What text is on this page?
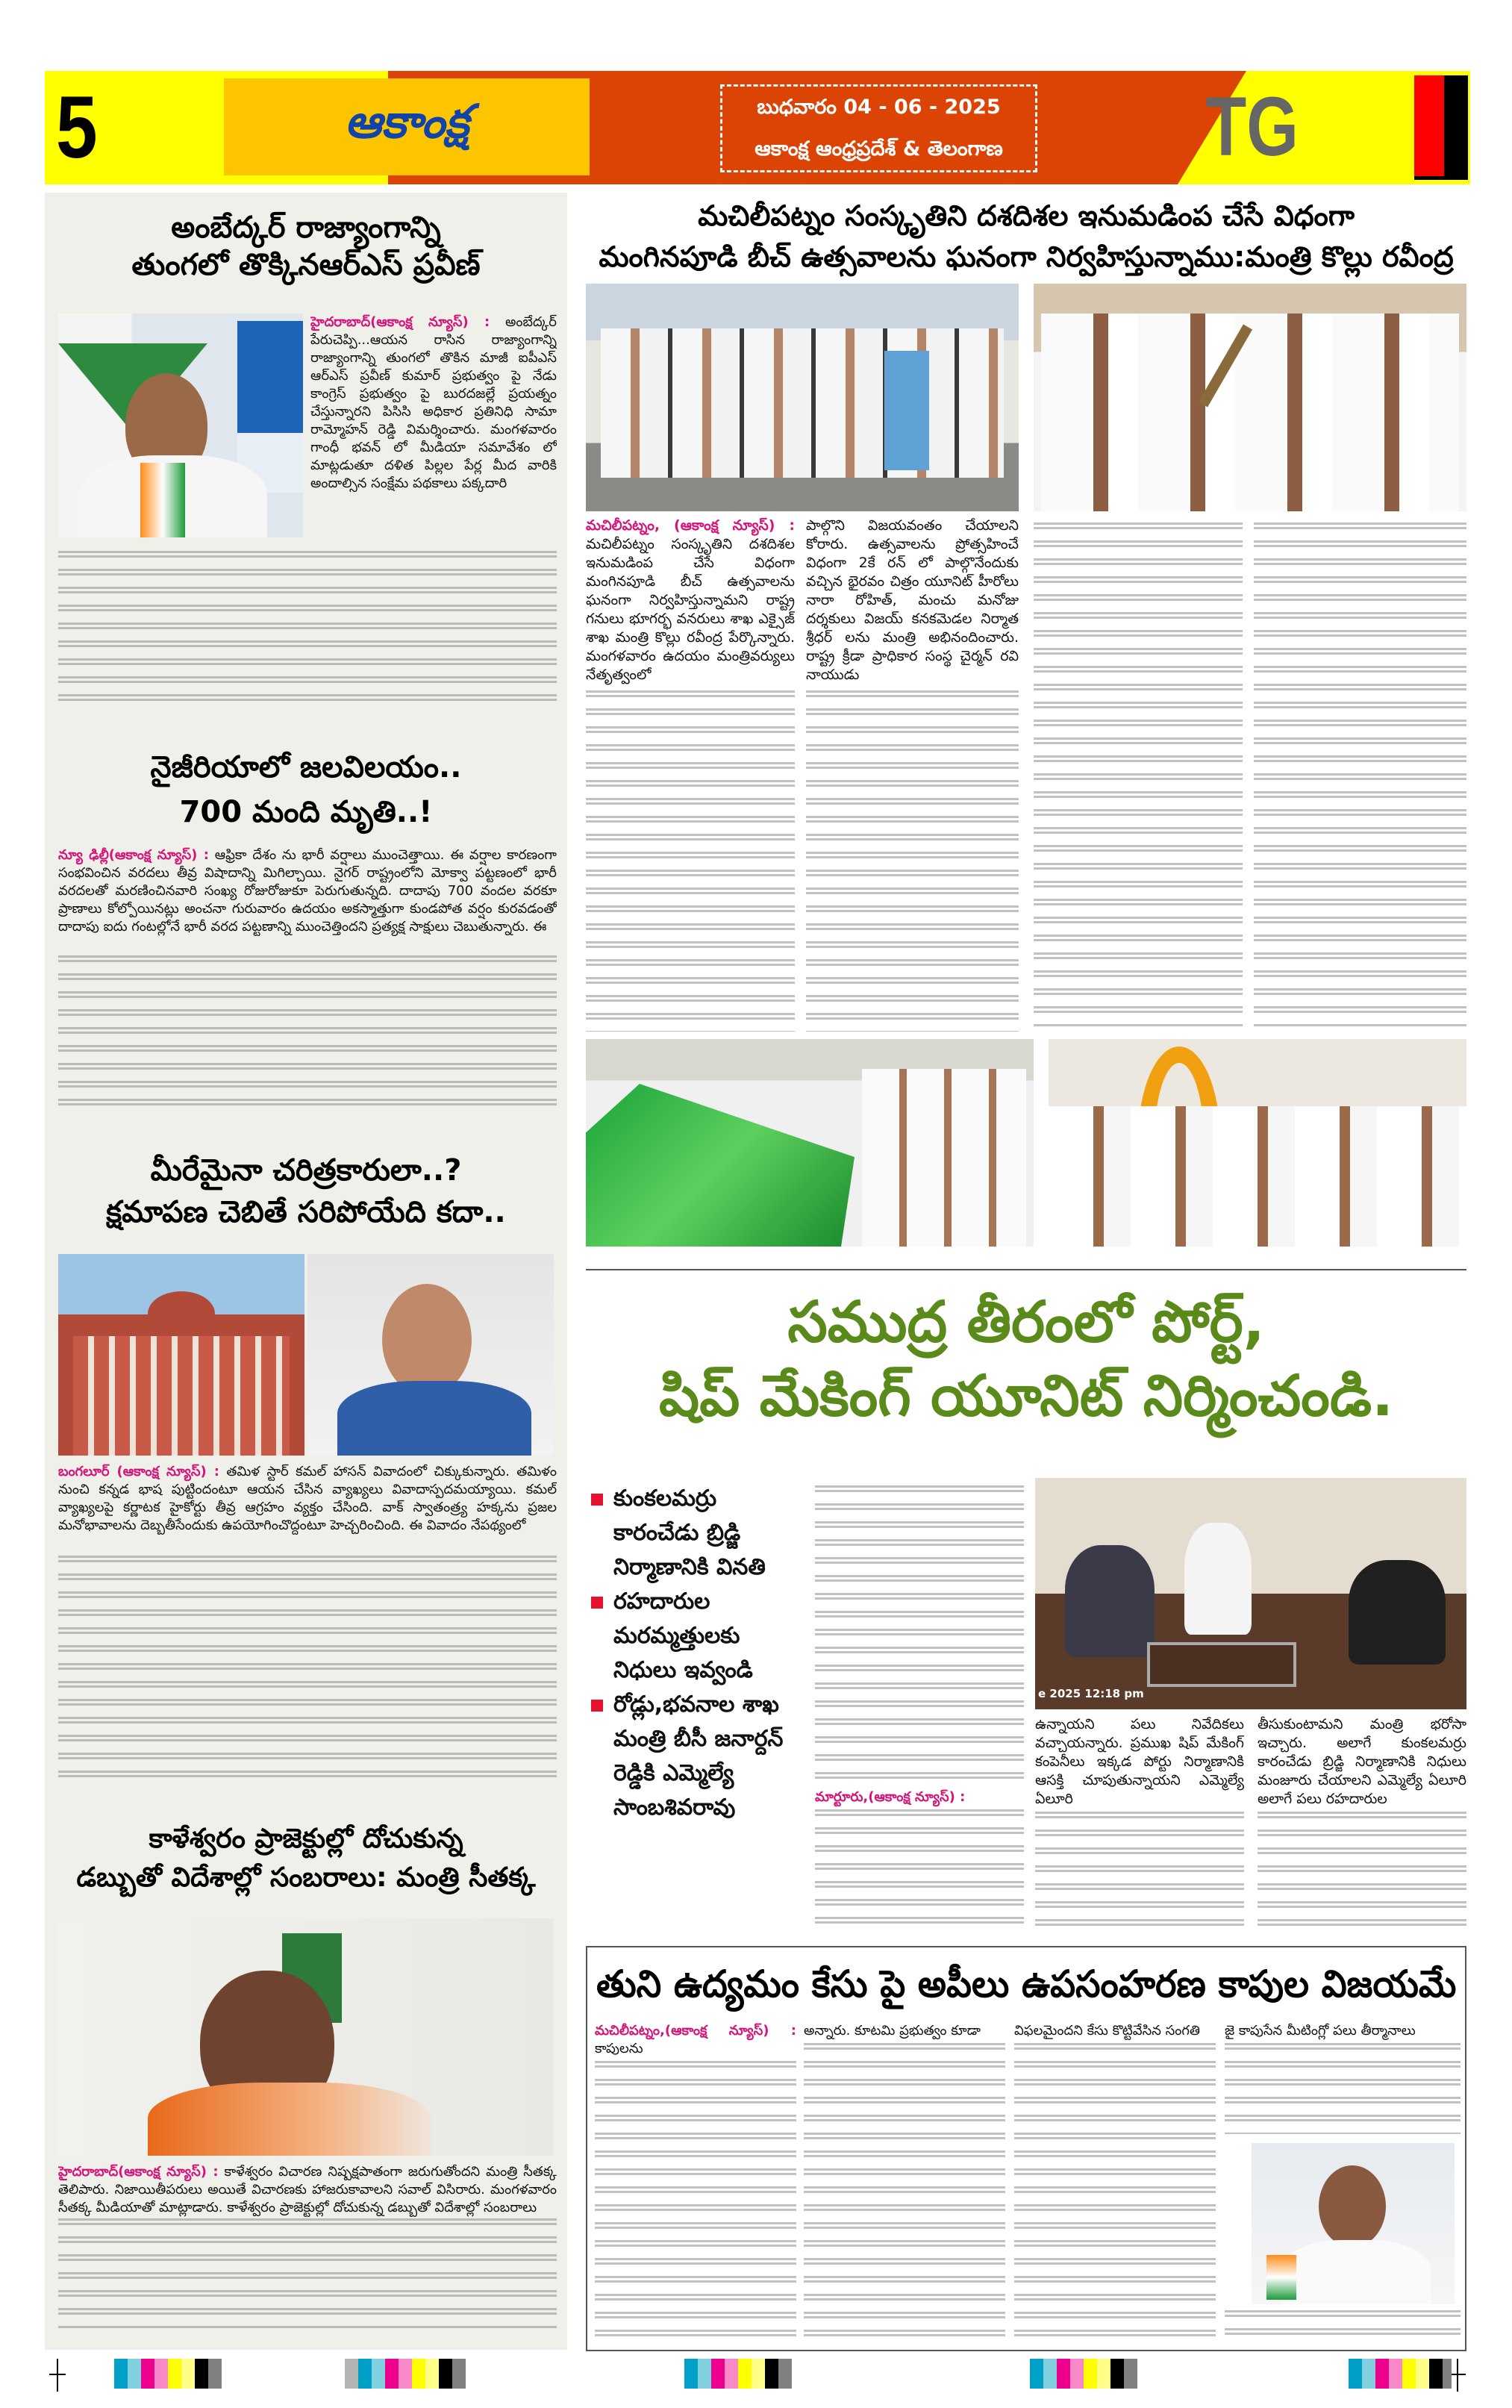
5	ఆకాంక్ష	బుధవారం 04 - 06 - 2025
ఆకాంక్ష ఆంధ్రప్రదేశ్ & తెలంగాణ	TG
అంబేద్కర్ రాజ్యాంగాన్ని
తుంగలో తొక్కినఆర్ఎస్ ప్రవీణ్
హైదరాబాద్(ఆకాంక్ష న్యూస్) : అంబేద్కర్ పేరుచెప్పి...ఆయన రాసిన రాజ్యాంగాన్ని రాజ్యాంగాన్ని తుంగలో తొకిన మాజీ ఐపీఎస్ ఆర్ఎస్ ప్రవీణ్ కుమార్ ప్రభుత్వం పై నేడు కాంగ్రెస్ ప్రభుత్వం పై బురదజల్లే ప్రయత్నం చేస్తున్నారని పిసిసి అధికార ప్రతినిధి సామా రామ్మోహన్ రెడ్డి విమర్శించారు. మంగళవారం గాంధీ భవన్ లో మీడియా సమావేశం లో మాట్లడుతూ దళిత పిల్లల పేర్ల మీద వారికి అందాల్సిన సంక్షేమ పథకాలు పక్కదారి
నైజీరియాలో జలవిలయం..
700 మంది మృతి..!
న్యూ ఢిల్లీ(ఆకాంక్ష న్యూస్) : ఆఫ్రికా దేశం ను భారీ వర్షాలు ముంచెత్తాయి. ఈ వర్షాల కారణంగా సంభవించిన వరదలు తీవ్ర విషాదాన్ని మిగిల్చాయి. నైగర్ రాష్ట్రంలోని మోక్వా పట్టణంలో భారీ వరదలతో మరణించినవారి సంఖ్య రోజురోజుకూ పెరుగుతున్నది. దాదాపు 700 వందల వరకూ ప్రాణాలు కోల్పోయినట్లు అంచనా గురువారం ఉదయం అకస్మాత్తుగా కుండపోత వర్షం కురవడంతో దాదాపు ఐదు గంటల్లోనే భారీ వరద పట్టణాన్ని ముంచెత్తిందని ప్రత్యక్ష సాక్షులు చెబుతున్నారు. ఈ
మీరేమైనా చరిత్రకారులా..?
క్షమాపణ చెబితే సరిపోయేది కదా..
బంగలూర్ (ఆకాంక్ష న్యూస్) : తమిళ స్టార్ కమల్ హాసన్ వివాదంలో చిక్కుకున్నారు. తమిళం నుంచి కన్నడ భాష పుట్టిందంటూ ఆయన చేసిన వ్యాఖ్యలు వివాదాస్పదమయ్యాయి. కమల్ వ్యాఖ్యలపై కర్ణాటక హైకోర్టు తీవ్ర ఆగ్రహం వ్యక్తం చేసింది. వాక్ స్వాతంత్ర్య హక్కను ప్రజల మనోభావాలను దెబ్బతీసేందుకు ఉపయోగించొద్దంటూ హెచ్చరించింది. ఈ వివాదం నేపథ్యంలో
కాళేశ్వరం ప్రాజెక్టుల్లో దోచుకున్న
డబ్బుతో విదేశాల్లో సంబరాలు: మంత్రి సీతక్క
హైదరాబాద్(ఆకాంక్ష న్యూస్) : కాళేశ్వరం విచారణ నిష్పక్షపాతంగా జరుగుతోందని మంత్రి సీతక్క తెలిపారు. నిజాయితీపరులు అయితే విచారణకు హాజరుకావాలని సవాల్ విసిరారు. మంగళవారం సీతక్క మీడియాతో మాట్లాడారు. కాళేశ్వరం ప్రాజెక్టుల్లో దోచుకున్న డబ్బుతో విదేశాల్లో సంబరాలు
మచిలీపట్నం సంస్కృతిని దశదిశల ఇనుమడింప చేసే విధంగా
మంగినపూడి బీచ్ ఉత్సవాలను ఘనంగా నిర్వహిస్తున్నాము:మంత్రి కొల్లు రవీంద్ర
మచిలీపట్నం, (ఆకాంక్ష న్యూస్) : మచిలీపట్నం సంస్కృతిని దశదిశల ఇనుమడింప చేసే విధంగా మంగినపూడి బీచ్ ఉత్సవాలను ఘనంగా నిర్వహిస్తున్నామని రాష్ట్ర గనులు భూగర్భ వనరులు శాఖ ఎక్సైజ్ శాఖ మంత్రి కొల్లు రవీంద్ర పేర్కొన్నారు. మంగళవారం ఉదయం మంత్రివర్యులు నేతృత్వంలో
పాల్గొని విజయవంతం చేయాలని కోరారు. ఉత్సవాలను ప్రోత్సహించే విధంగా 2కే రన్ లో పాల్గొనేందుకు వచ్చిన భైరవం చిత్రం యూనిట్ హీరోలు నారా రోహిత్, మంచు మనోజు దర్శకులు విజయ్ కనకమెడల నిర్మాత శ్రీధర్ లను మంత్రి అభినందించారు. రాష్ట్ర క్రీడా ప్రాధికార సంస్థ చైర్మన్ రవి నాయుడు
సముద్ర తీరంలో పోర్ట్,
షిప్ మేకింగ్ యూనిట్ నిర్మించండి.
కుంకలమర్రు కారంచేడు బ్రిడ్జి నిర్మాణానికి వినతి
రహదారుల మరమ్మత్తులకు నిధులు ఇవ్వండి
రోడ్లు,భవనాల శాఖ మంత్రి బీసీ జనార్దన్ రెడ్డికి ఎమ్మెల్యే సాంబశివరావు	మార్టూరు,(ఆకాంక్ష న్యూస్) :
e 2025 12:18 pm
ఉన్నాయని పలు నివేదికలు వచ్చాయన్నారు. ప్రముఖ షిప్ మేకింగ్ కంపెనీలు ఇక్కడ పోర్టు నిర్మాణానికి ఆసక్తి చూపుతున్నాయని ఎమ్మెల్యే ఏలూరి
తీసుకుంటామని మంత్రి భరోసా ఇచ్చారు. అలాగే కుంకలమర్రు కారంచేడు బ్రిడ్జి నిర్మాణానికి నిధులు మంజూరు చేయాలని ఎమ్మెల్యే ఏలూరి అలాగే పలు రహదారుల
తుని ఉద్యమం కేసు పై అపీలు ఉపసంహరణ కాపుల విజయమే
మచిలీపట్నం,(ఆకాంక్ష న్యూస్) : కాపులను
అన్నారు. కూటమి ప్రభుత్వం కూడా	విఫలమైందని కేసు కొట్టివేసిన సంగతి	జై కాపుసేన మీటింగ్లో పలు తీర్మానాలు
